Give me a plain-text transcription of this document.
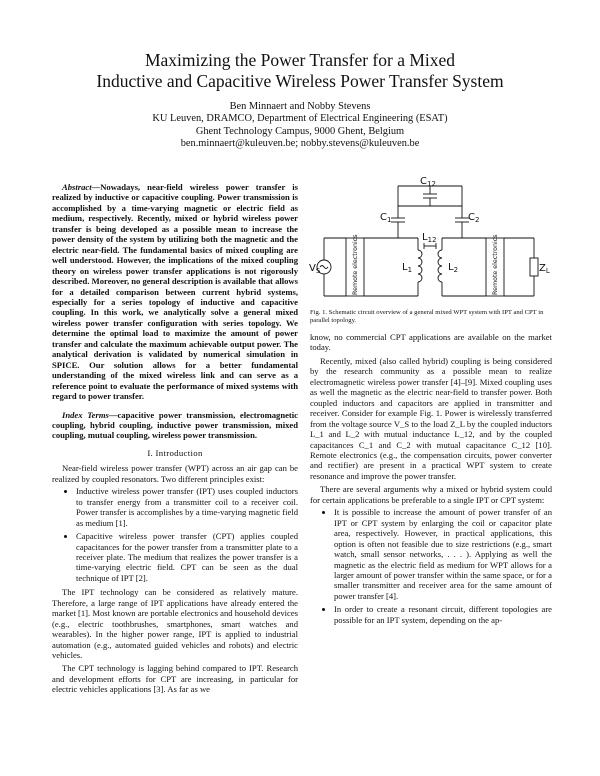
Maximizing the Power Transfer for a Mixed
Inductive and Capacitive Wireless Power Transfer System
Ben Minnaert and Nobby Stevens
KU Leuven, DRAMCO, Department of Electrical Engineering (ESAT)
Ghent Technology Campus, 9000 Ghent, Belgium
ben.minnaert@kuleuven.be; nobby.stevens@kuleuven.be

Abstract—Nowadays, near-field wireless power transfer is realized by inductive or capacitive coupling. Power transmission is accomplished by a time-varying magnetic or electric field as medium, respectively. Recently, mixed or hybrid wireless power transfer is being developed as a possible mean to increase the power density of the system by utilizing both the magnetic and the electric near-field. The fundamental basics of mixed coupling are well understood. However, the implications of the mixed coupling theory on wireless power transfer applications is not rigorously described. Moreover, no general description is available that allows for a detailed comparison between current hybrid systems, especially for a series topology of inductive and capacitive coupling. In this work, we analytically solve a general mixed wireless power transfer configuration with series topology. We determine the optimal load to maximize the amount of power transfer and calculate the maximum achievable output power. The analytical derivation is validated by numerical simulation in SPICE. Our solution allows for a better fundamental understanding of the mixed wireless link and can serve as a reference point to evaluate the performance of mixed systems with regard to power transfer.

Index Terms—capacitive power transmission, electromagnetic coupling, hybrid coupling, inductive power transmission, mixed coupling, mutual coupling, wireless power transmission.

I. Introduction

Near-field wireless power transfer (WPT) across an air gap can be realized by coupled resonators. Two different principles exist:

• Inductive wireless power transfer (IPT) uses coupled inductors to transfer energy from a transmitter coil to a receiver coil. Power transfer is accomplishes by a time-varying magnetic field as medium [1].
• Capacitive wireless power transfer (CPT) applies coupled capacitances for the power transfer from a transmitter plate to a receiver plate. The medium that realizes the power transfer is a time-varying electric field. CPT can be seen as the dual technique of IPT [2].

The IPT technology can be considered as relatively mature. Therefore, a large range of IPT applications have already entered the market [1]. Most known are portable electronics and household devices (e.g., electric toothbrushes, smartphones, smart watches and wearables). In the higher power range, IPT is applied to industrial automation (e.g., automated guided vehicles and robots) and electric vehicles.

The CPT technology is lagging behind compared to IPT. Research and development efforts for CPT are increasing, in particular for electric vehicles applications [3]. As far as we

$C_{12}$
$C_1$	$C_2$
$L_{12}$
$L_1$	$L_2$
$V_S$	$Z_L$
Remote electronics	Remote electronics
Fig. 1. Schematic circuit overview of a general mixed WPT system with IPT and CPT in parallel topology.

know, no commercial CPT applications are available on the market today.

Recently, mixed (also called hybrid) coupling is being considered by the research community as a possible mean to realize electromagnetic wireless power transfer [4]–[9]. Mixed coupling uses as well the magnetic as the electric near-field to transfer power. Both coupled inductors and capacitors are applied in transmitter and receiver. Consider for example Fig. 1. Power is wirelessly transferred from the voltage source V_S to the load Z_L by the coupled inductors L_1 and L_2 with mutual inductance L_12, and by the coupled capacitances C_1 and C_2 with mutual capacitance C_12 [10]. Remote electronics (e.g., the compensation circuits, power converter and rectifier) are present in a practical WPT system to create resonance and improve the power transfer.

There are several arguments why a mixed or hybrid system could for certain applications be preferable to a single IPT or CPT system:

• It is possible to increase the amount of power transfer of an IPT or CPT system by enlarging the coil or capacitor plate area, respectively. However, in practical applications, this option is often not feasible due to size restrictions (e.g., smart watch, small sensor networks, . . . ). Applying as well the magnetic as the electric field as medium for WPT allows for a larger amount of power transfer within the same space, or for a smaller transmitter and receiver area for the same amount of power transfer [4].
• In order to create a resonant circuit, different topologies are possible for an IPT system, depending on the ap-
